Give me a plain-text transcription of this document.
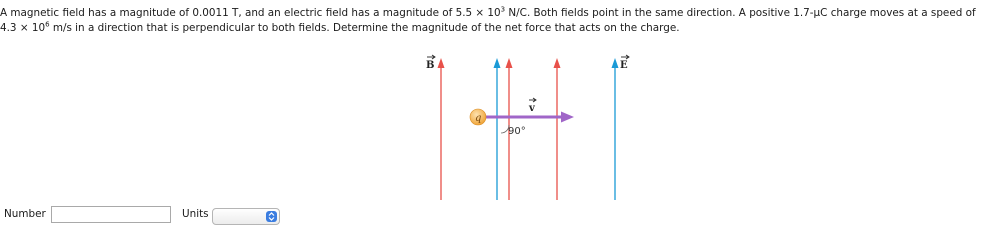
A magnetic field has a magnitude of 0.0011 T, and an electric field has a magnitude of $5.5 \times 10^3$ N/C. Both fields point in the same direction. A positive 1.7-μC charge moves at a speed of
$4.3 \times 10^6$ m/s in a direction that is perpendicular to both fields. Determine the magnitude of the net force that acts on the charge.
B	E
v
90°
q
Number	Units
